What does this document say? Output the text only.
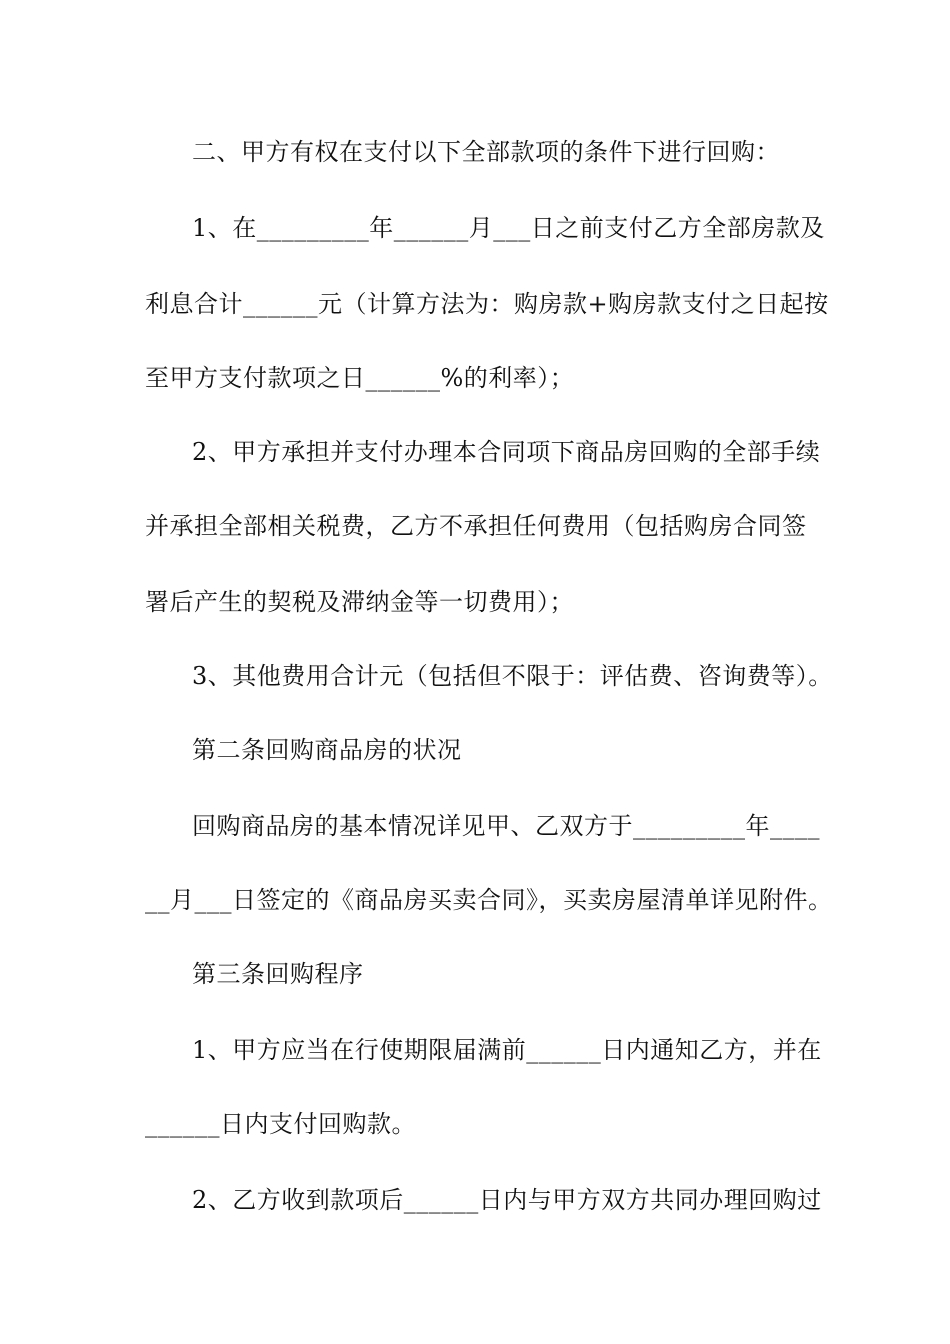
二、甲方有权在支付以下全部款项的条件下进行回购：
1、在_________年______月___日之前支付乙方全部房款及
利息合计______元（计算方法为：购房款+购房款支付之日起按
至甲方支付款项之日______%的利率）；
2、甲方承担并支付办理本合同项下商品房回购的全部手续
并承担全部相关税费，乙方不承担任何费用（包括购房合同签
署后产生的契税及滞纳金等一切费用）；
3、其他费用合计元（包括但不限于：评估费、咨询费等）。
第二条回购商品房的状况
回购商品房的基本情况详见甲、乙双方于_________年____
__月___日签定的《商品房买卖合同》，买卖房屋清单详见附件。
第三条回购程序
1、甲方应当在行使期限届满前______日内通知乙方，并在
______日内支付回购款。
2、乙方收到款项后______日内与甲方双方共同办理回购过
